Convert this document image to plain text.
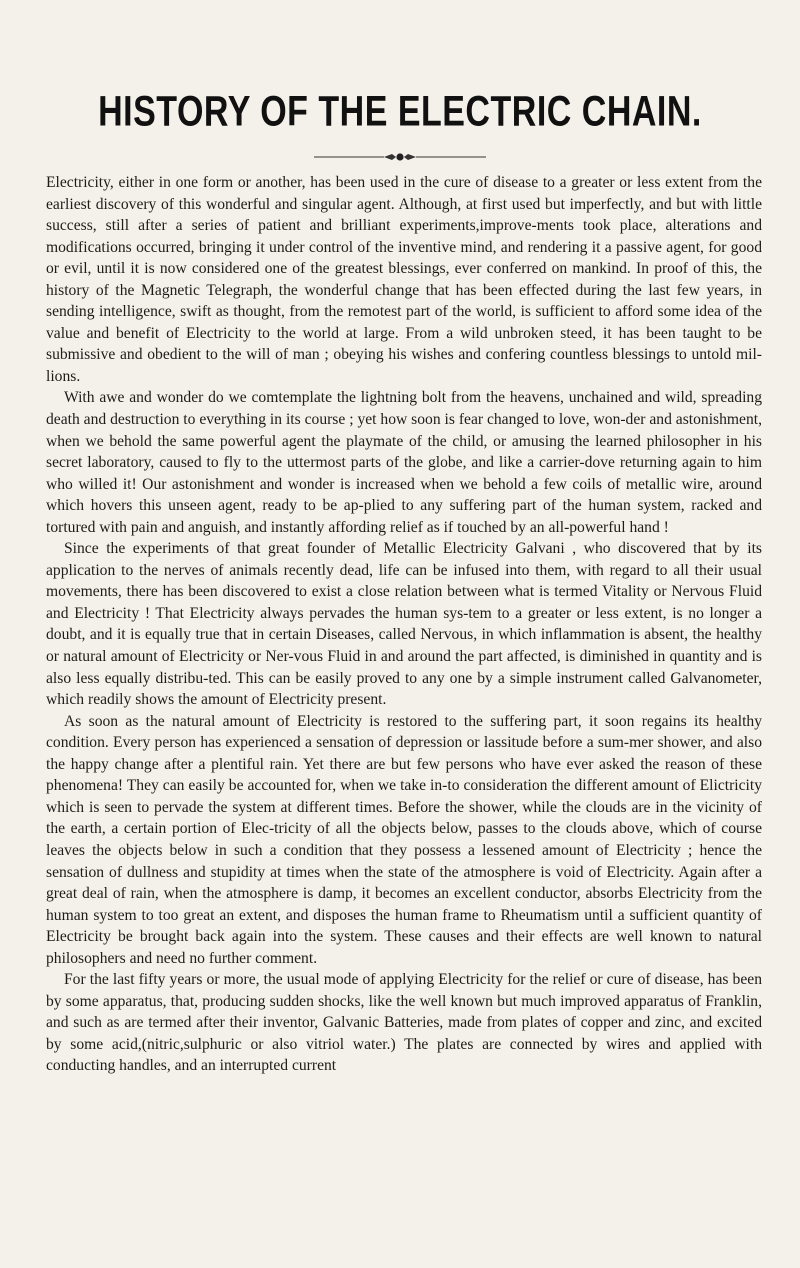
HISTORY OF THE ELECTRIC CHAIN.

Electricity, either in one form or another, has been used in the cure of disease to a greater or less extent from the earliest discovery of this wonderful and singular agent. Although, at first used but imperfectly, and but with little success, still after a series of patient and brilliant experiments,improve-ments took place, alterations and modifications occurred, bringing it under control of the inventive mind, and rendering it a passive agent, for good or evil, until it is now considered one of the greatest blessings, ever conferred on mankind. In proof of this, the history of the Magnetic Telegraph, the wonderful change that has been effected during the last few years, in sending intelligence, swift as thought, from the remotest part of the world, is sufficient to afford some idea of the value and benefit of Electricity to the world at large. From a wild unbroken steed, it has been taught to be submissive and obedient to the will of man ; obeying his wishes and confering countless blessings to untold mil-lions.

With awe and wonder do we comtemplate the lightning bolt from the heavens, unchained and wild, spreading death and destruction to everything in its course ; yet how soon is fear changed to love, won-der and astonishment, when we behold the same powerful agent the playmate of the child, or amusing the learned philosopher in his secret laboratory, caused to fly to the uttermost parts of the globe, and like a carrier-dove returning again to him who willed it! Our astonishment and wonder is increased when we behold a few coils of metallic wire, around which hovers this unseen agent, ready to be ap-plied to any suffering part of the human system, racked and tortured with pain and anguish, and instantly affording relief as if touched by an all-powerful hand !

Since the experiments of that great founder of Metallic Electricity Galvani , who discovered that by its application to the nerves of animals recently dead, life can be infused into them, with regard to all their usual movements, there has been discovered to exist a close relation between what is termed Vitality or Nervous Fluid and Electricity ! That Electricity always pervades the human sys-tem to a greater or less extent, is no longer a doubt, and it is equally true that in certain Diseases, called Nervous, in which inflammation is absent, the healthy or natural amount of Electricity or Ner-vous Fluid in and around the part affected, is diminished in quantity and is also less equally distribu-ted. This can be easily proved to any one by a simple instrument called Galvanometer, which readily shows the amount of Electricity present.

As soon as the natural amount of Electricity is restored to the suffering part, it soon regains its healthy condition. Every person has experienced a sensation of depression or lassitude before a sum-mer shower, and also the happy change after a plentiful rain. Yet there are but few persons who have ever asked the reason of these phenomena! They can easily be accounted for, when we take in-to consideration the different amount of Elictricity which is seen to pervade the system at different times. Before the shower, while the clouds are in the vicinity of the earth, a certain portion of Elec-tricity of all the objects below, passes to the clouds above, which of course leaves the objects below in such a condition that they possess a lessened amount of Electricity ; hence the sensation of dullness and stupidity at times when the state of the atmosphere is void of Electricity. Again after a great deal of rain, when the atmosphere is damp, it becomes an excellent conductor, absorbs Electricity from the human system to too great an extent, and disposes the human frame to Rheumatism until a sufficient quantity of Electricity be brought back again into the system. These causes and their effects are well known to natural philosophers and need no further comment.

For the last fifty years or more, the usual mode of applying Electricity for the relief or cure of disease, has been by some apparatus, that, producing sudden shocks, like the well known but much improved apparatus of Franklin, and such as are termed after their inventor, Galvanic Batteries, made from plates of copper and zinc, and excited by some acid,(nitric,sulphuric or also vitriol water.) The plates are connected by wires and applied with conducting handles, and an interrupted current
